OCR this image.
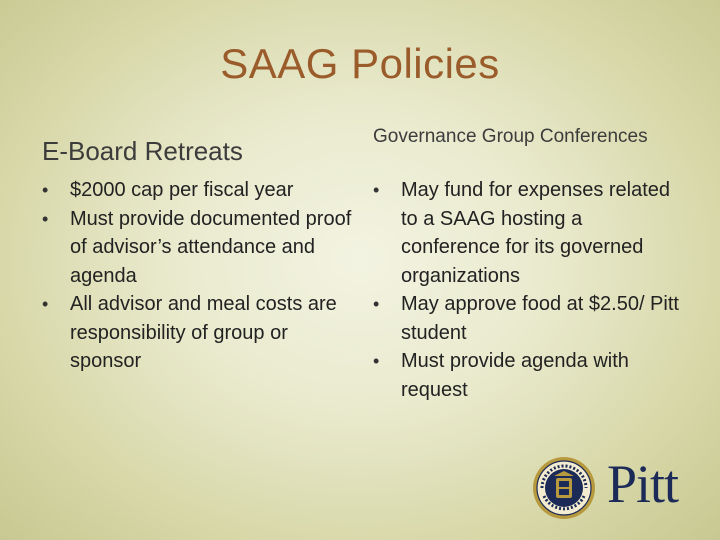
SAAG Policies
E-Board Retreats
• $2000 cap per fiscal year
• Must provide documented proof of advisor’s attendance and agenda
• All advisor and meal costs are responsibility of group or sponsor
Governance Group Conferences
• May fund for expenses related to a SAAG hosting a conference for its governed organizations
• May approve food at $2.50/ Pitt student
• Must provide agenda with request
Pitt
